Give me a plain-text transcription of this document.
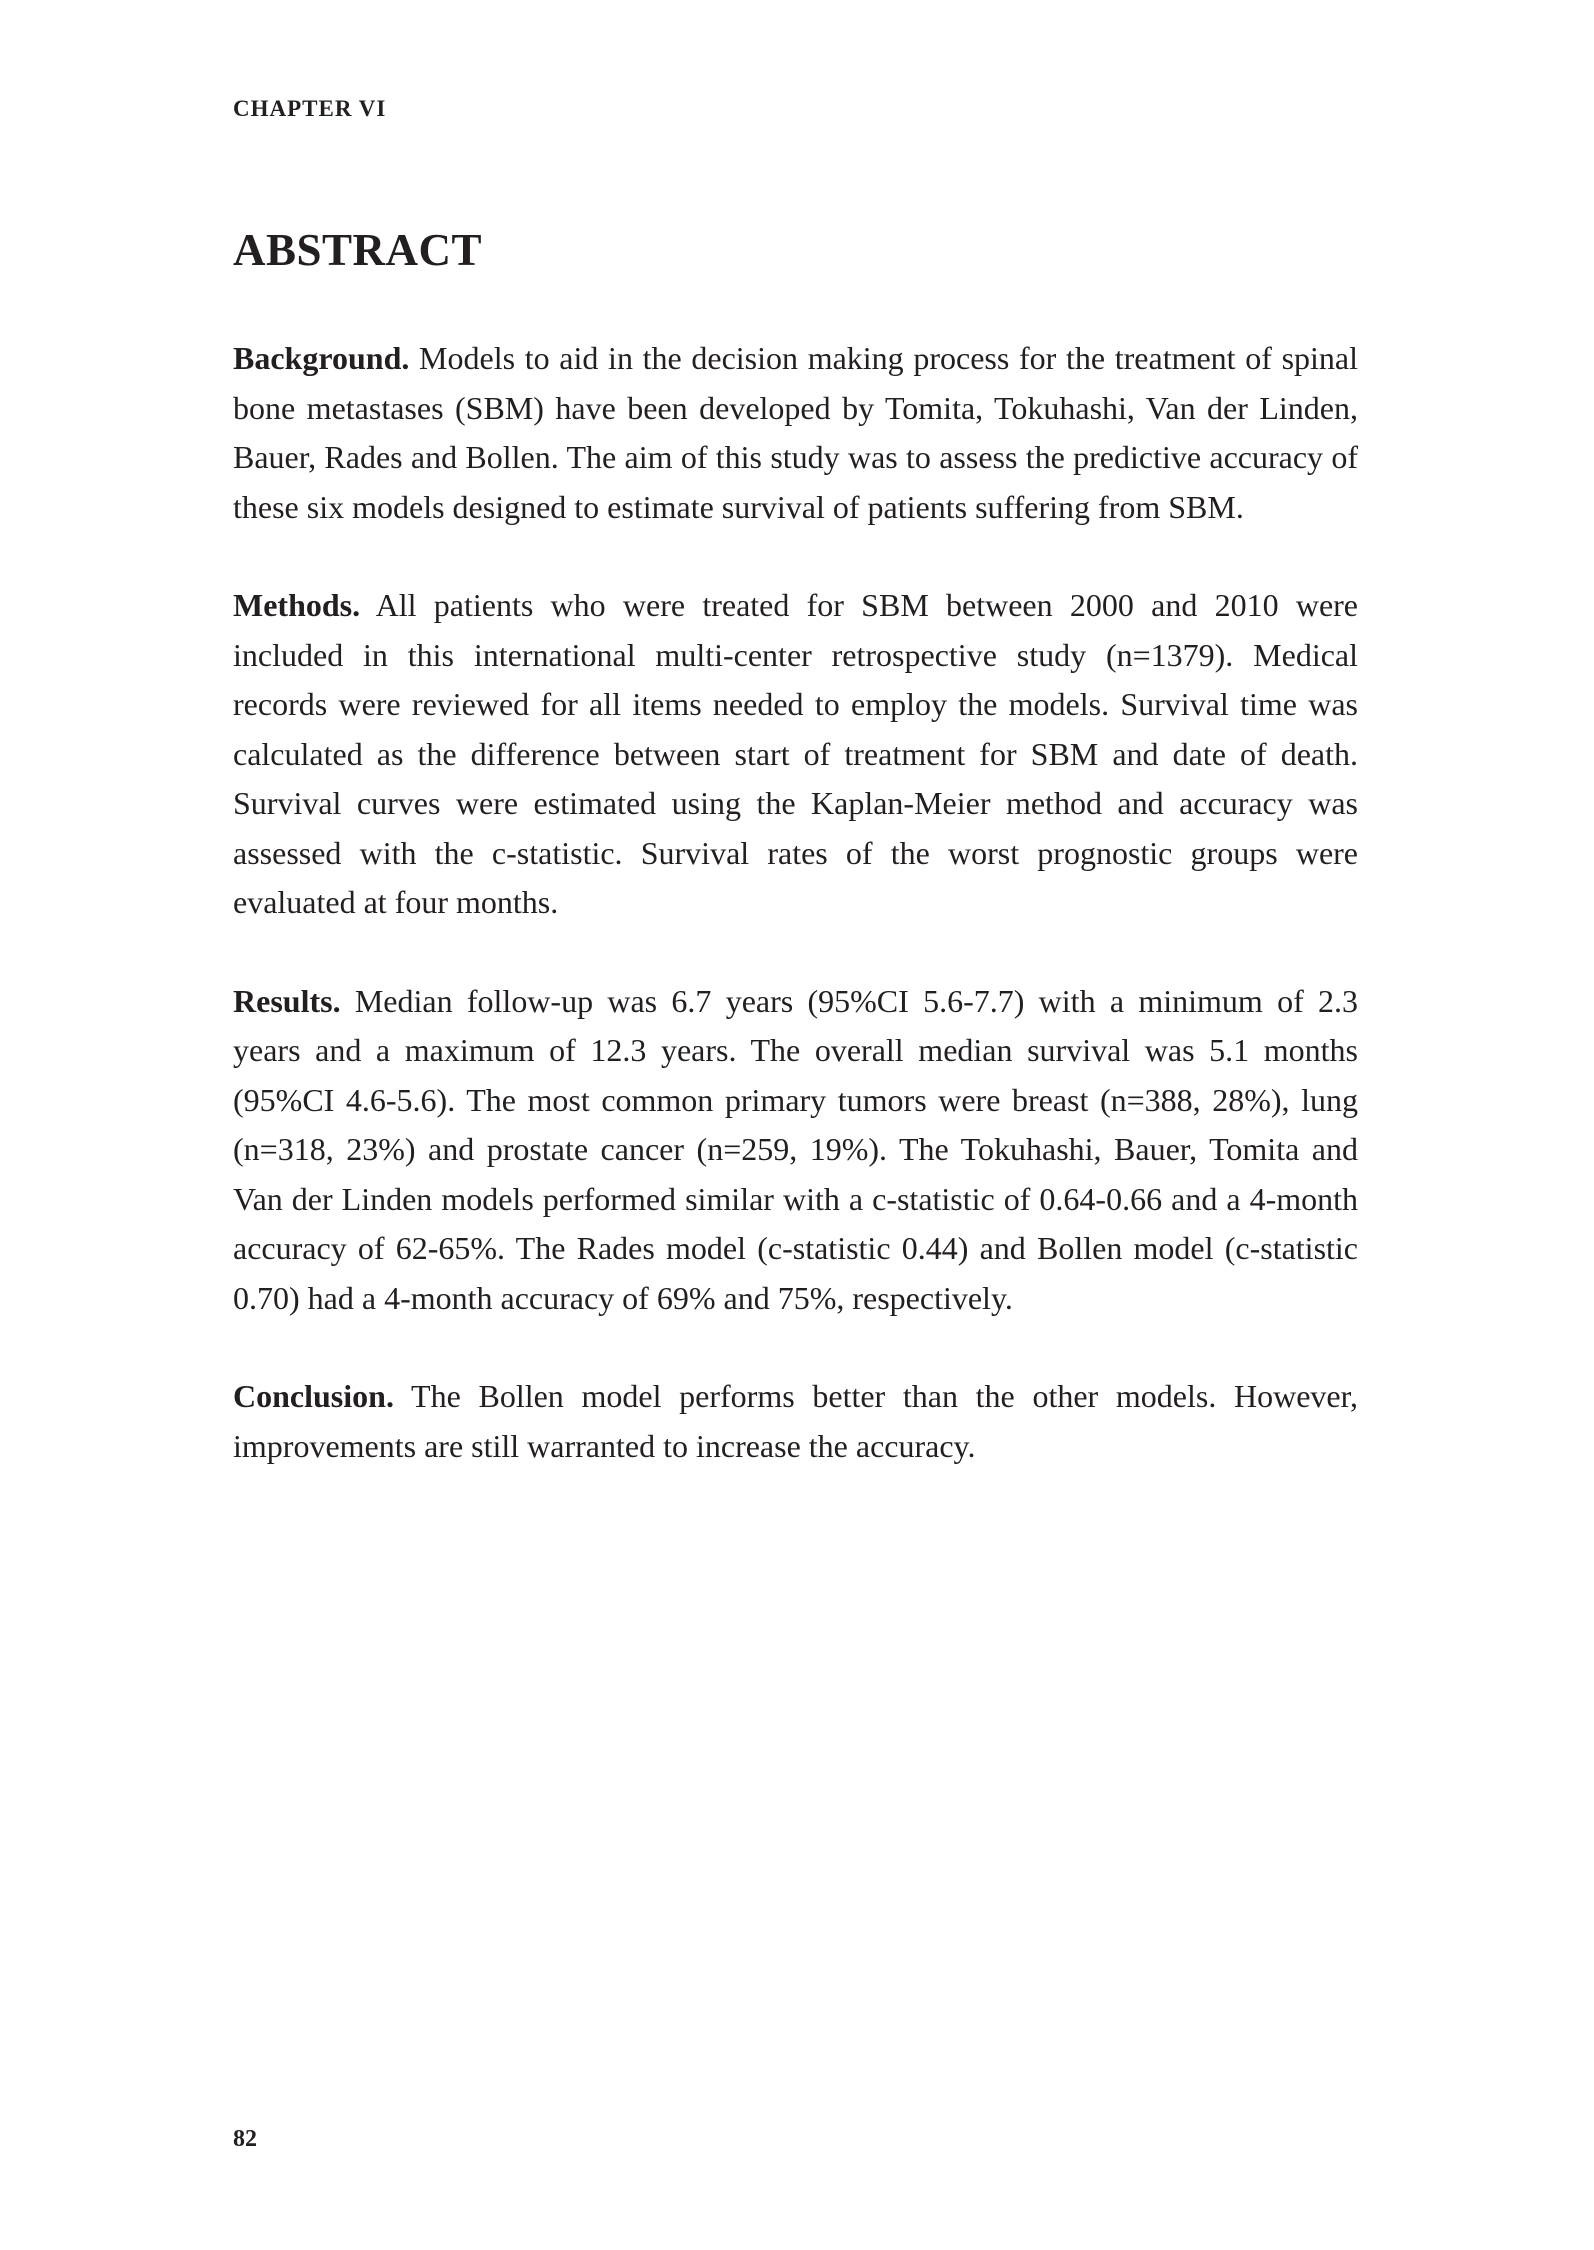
CHAPTER VI
ABSTRACT

Background. Models to aid in the decision making process for the treatment of spinal bone metastases (SBM) have been developed by Tomita, Tokuhashi, Van der Linden, Bauer, Rades and Bollen. The aim of this study was to assess the predictive accuracy of these six models designed to estimate survival of patients suffering from SBM.

Methods. All patients who were treated for SBM between 2000 and 2010 were included in this international multi-center retrospective study (n=1379). Medical records were reviewed for all items needed to employ the models. Survival time was calculated as the difference between start of treatment for SBM and date of death. Survival curves were estimated using the Kaplan-Meier method and accuracy was assessed with the c-statistic. Survival rates of the worst prognostic groups were evaluated at four months.

Results. Median follow-up was 6.7 years (95%CI 5.6-7.7) with a minimum of 2.3 years and a maximum of 12.3 years. The overall median survival was 5.1 months (95%CI 4.6-5.6). The most common primary tumors were breast (n=388, 28%), lung (n=318, 23%) and prostate cancer (n=259, 19%). The Tokuhashi, Bauer, Tomita and Van der Linden models performed similar with a c-statistic of 0.64-0.66 and a 4-month accuracy of 62-65%. The Rades model (c-statistic 0.44) and Bollen model (c-statistic 0.70) had a 4-month accuracy of 69% and 75%, respectively.

Conclusion. The Bollen model performs better than the other models. However, improvements are still warranted to increase the accuracy.

82
